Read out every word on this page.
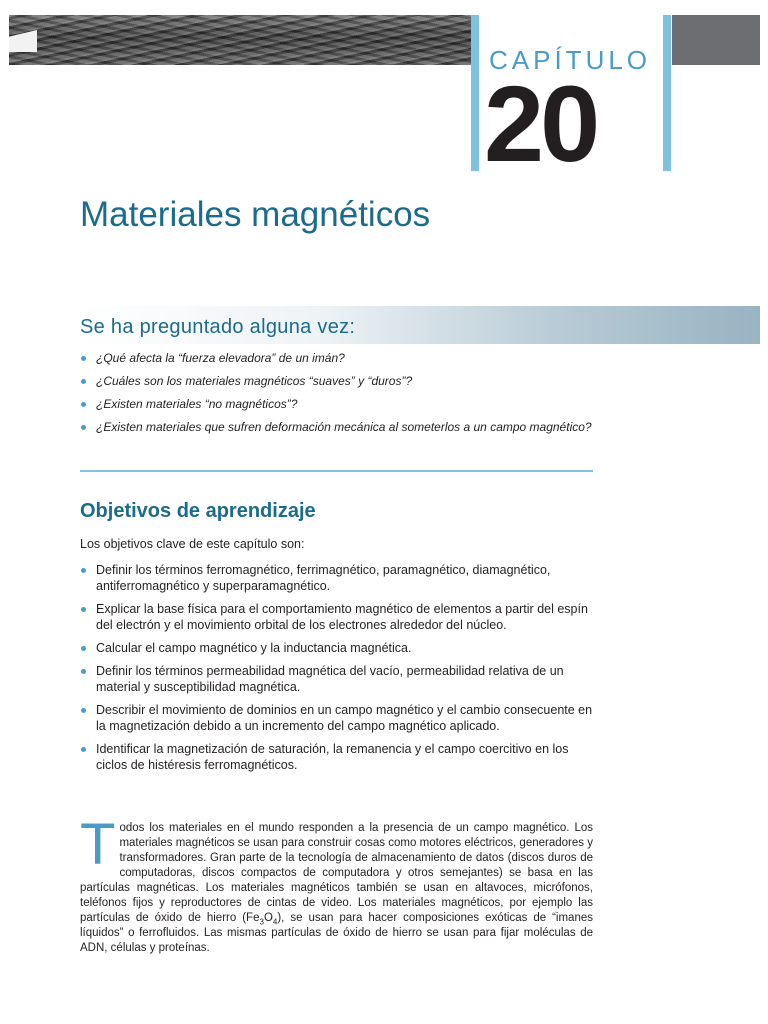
CAPÍTULO
20
Materiales magnéticos
Se ha preguntado alguna vez:
¿Qué afecta la “fuerza elevadora” de un imán?
¿Cuáles son los materiales magnéticos “suaves” y “duros”?
¿Existen materiales “no magnéticos”?
¿Existen materiales que sufren deformación mecánica al someterlos a un campo magnético?
Objetivos de aprendizaje

Los objetivos clave de este capítulo son:

Definir los términos ferromagnético, ferrimagnético, paramagnético, diamagnético, antiferromagnético y superparamagnético.
Explicar la base física para el comportamiento magnético de elementos a partir del espín del electrón y el movimiento orbital de los electrones alrededor del núcleo.
Calcular el campo magnético y la inductancia magnética.
Definir los términos permeabilidad magnética del vacío, permeabilidad relativa de un material y susceptibilidad magnética.
Describir el movimiento de dominios en un campo magnético y el cambio consecuente en la magnetización debido a un incremento del campo magnético aplicado.
Identificar la magnetización de saturación, la remanencia y el campo coercitivo en los ciclos de histéresis ferromagnéticos.

Todos los materiales en el mundo responden a la presencia de un campo magnético. Los materiales magnéticos se usan para construir cosas como motores eléctricos, generadores y transformadores. Gran parte de la tecnología de almacenamiento de datos (discos duros de computadoras, discos compactos de computadora y otros semejantes) se basa en las partículas magnéticas. Los materiales magnéticos también se usan en altavoces, micrófonos, teléfonos fijos y reproductores de cintas de video. Los materiales magnéticos, por ejemplo las partículas de óxido de hierro $(Fe_3O_4)$, se usan para hacer composiciones exóticas de “imanes líquidos” o ferrofluidos. Las mismas partículas de óxido de hierro se usan para fijar moléculas de ADN, células y proteínas.
